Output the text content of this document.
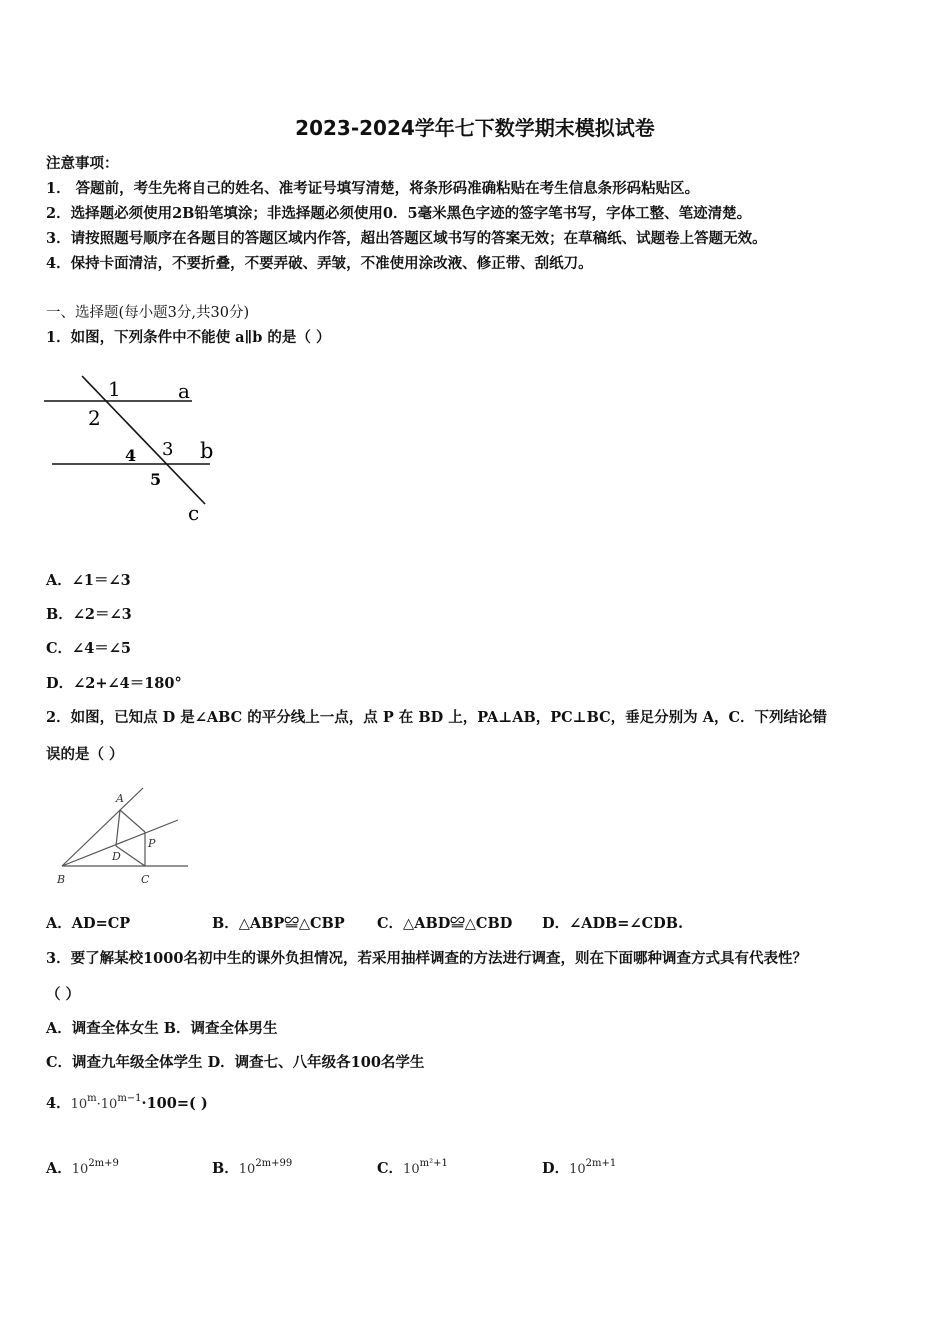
2023-2024学年七下数学期末模拟试卷
注意事项：
1． 答题前，考生先将自己的姓名、准考证号填写清楚，将条形码准确粘贴在考生信息条形码粘贴区。
2．选择题必须使用2B铅笔填涂；非选择题必须使用0．5毫米黑色字迹的签字笔书写，字体工整、笔迹清楚。
3．请按照题号顺序在各题目的答题区域内作答，超出答题区域书写的答案无效；在草稿纸、试题卷上答题无效。
4．保持卡面清洁，不要折叠，不要弄破、弄皱，不准使用涂改液、修正带、刮纸刀。
一、选择题(每小题3分,共30分)
1．如图，下列条件中不能使 a∥b 的是（ ）
1	a
2
3 b
4
5
c
A．∠1＝∠3
B．∠2＝∠3
C．∠4＝∠5
D．∠2+∠4＝180°
2．如图，已知点 D 是∠ABC 的平分线上一点，点 P 在 BD 上，PA⊥AB，PC⊥BC，垂足分别为 A，C．下列结论错
误的是（ ）
A
D
P
B	C
A．AD=CP	B．△ABP≌△CBP C．△ABD≌△CBD D．∠ADB=∠CDB.
3．要了解某校1000名初中生的课外负担情况，若采用抽样调查的方法进行调查，则在下面哪种调查方式具有代表性？
（ ）
A．调查全体女生 B．调查全体男生
C．调查九年级全体学生 D．调查七、八年级各100名学生
4．$10^m\cdot 10^{m-1}\cdot 100=$( )
A．$10^{2m+9}$	B．$10^{2m+99}$	C．$10^{m^2+1}$	D．$10^{2m+1}$
